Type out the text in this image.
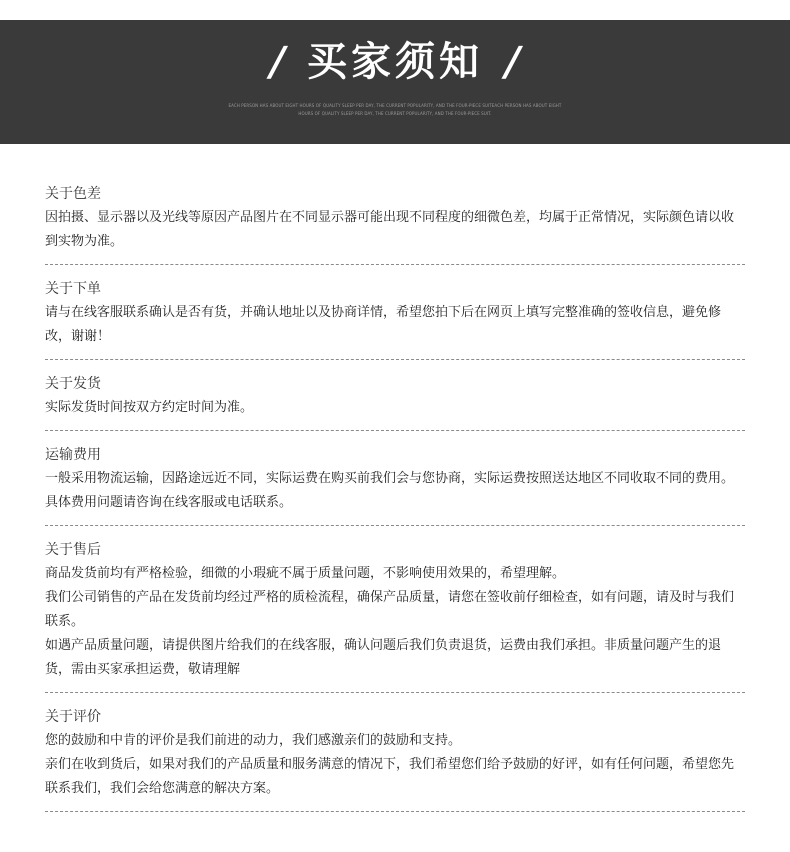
/ 买家须知 /
EACH PERSON HAS ABOUT EIGHT HOURS OF QUALITY SLEEP PER DAY, THE CURRENT POPULARITY, AND THE FOUR-PIECE SUITEACH PERSON HAS ABOUT EIGHT HOURS OF QUALITY SLEEP PER DAY, THE CURRENT POPULARITY, AND THE FOUR-PIECE SUIT.
关于色差

因拍摄、显示器以及光线等原因产品图片在不同显示器可能出现不同程度的细微色差，均属于正常情况，实际颜色请以收到实物为准。

关于下单

请与在线客服联系确认是否有货，并确认地址以及协商详情，希望您拍下后在网页上填写完整准确的签收信息，避免修改，谢谢！

关于发货

实际发货时间按双方约定时间为准。

运输费用

一般采用物流运输，因路途远近不同，实际运费在购买前我们会与您协商，实际运费按照送达地区不同收取不同的费用。具体费用问题请咨询在线客服或电话联系。

关于售后

商品发货前均有严格检验，细微的小瑕疵不属于质量问题，不影响使用效果的，希望理解。

我们公司销售的产品在发货前均经过严格的质检流程，确保产品质量，请您在签收前仔细检查，如有问题，请及时与我们联系。

如遇产品质量问题，请提供图片给我们的在线客服，确认问题后我们负责退货，运费由我们承担。非质量问题产生的退货，需由买家承担运费，敬请理解

关于评价

您的鼓励和中肯的评价是我们前进的动力，我们感激亲们的鼓励和支持。

亲们在收到货后，如果对我们的产品质量和服务满意的情况下，我们希望您们给予鼓励的好评，如有任何问题，希望您先联系我们，我们会给您满意的解决方案。
